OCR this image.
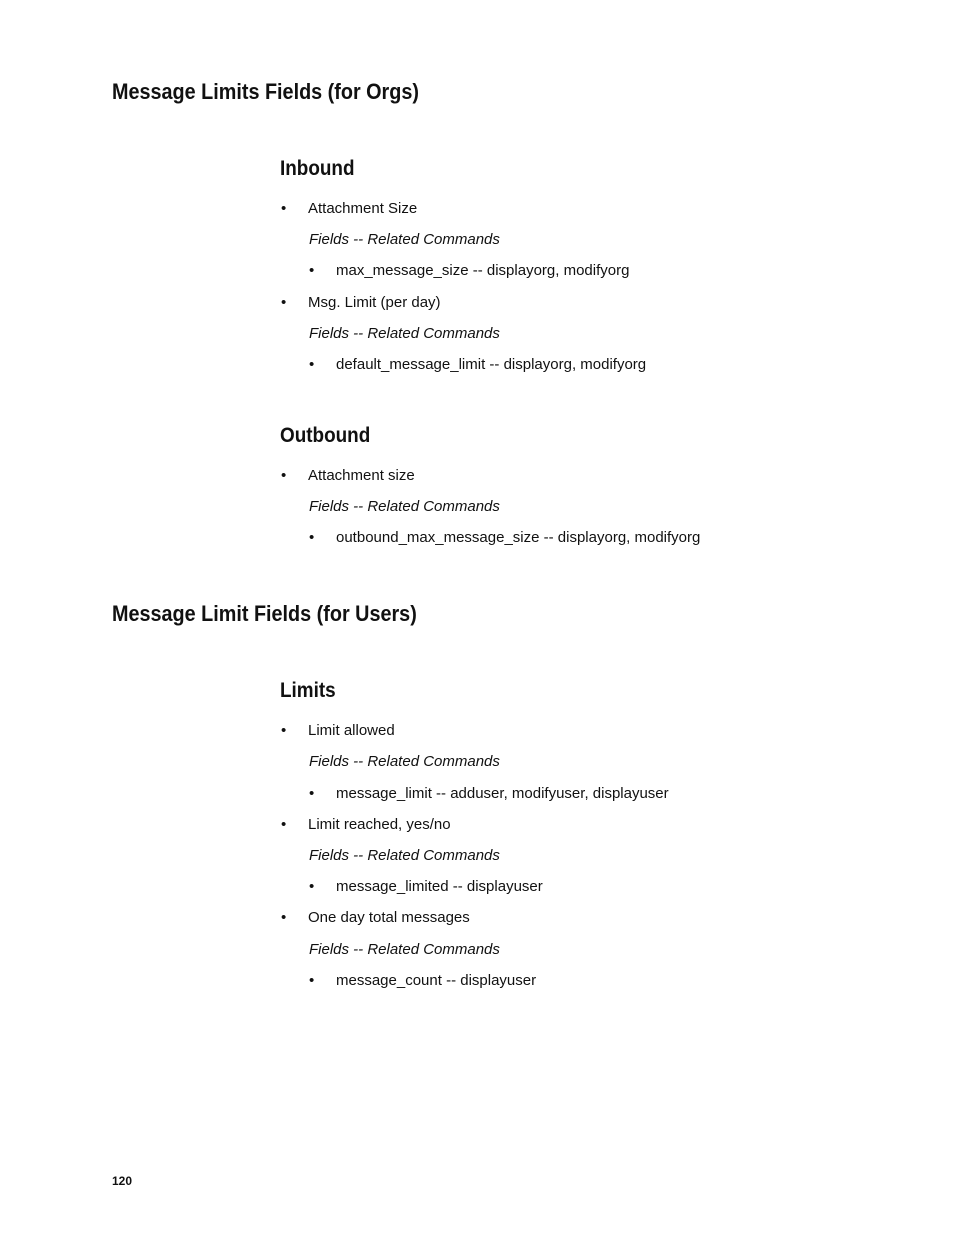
Message Limits Fields (for Orgs)
Inbound
• Attachment Size
Fields -- Related Commands
• max_message_size -- displayorg, modifyorg
• Msg. Limit (per day)
Fields -- Related Commands
• default_message_limit -- displayorg, modifyorg
Outbound
• Attachment size
Fields -- Related Commands
• outbound_max_message_size -- displayorg, modifyorg
Message Limit Fields (for Users)
Limits
• Limit allowed
Fields -- Related Commands
• message_limit -- adduser, modifyuser, displayuser
• Limit reached, yes/no
Fields -- Related Commands
• message_limited -- displayuser
• One day total messages
Fields -- Related Commands
• message_count -- displayuser
120
